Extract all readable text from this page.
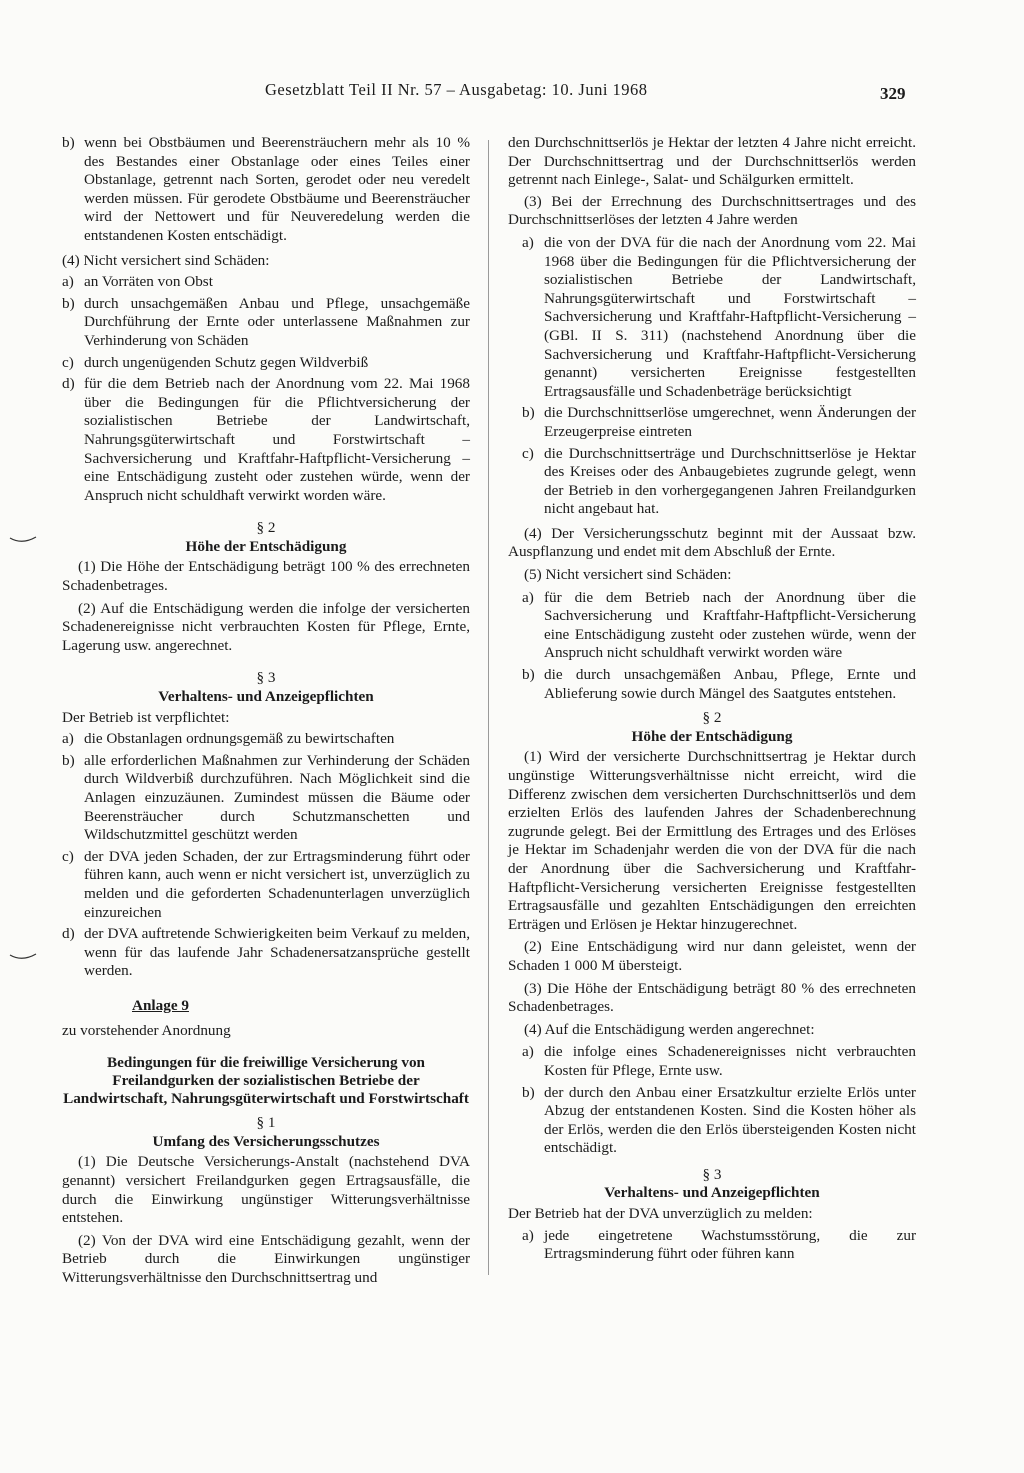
Gesetzblatt Teil II Nr. 57 – Ausgabetag: 10. Juni 1968	329
b) wenn bei Obstbäumen und Beerensträuchern mehr als 10 % des Bestandes einer Obstanlage oder eines Teiles einer Obstanlage, getrennt nach Sorten, gerodet oder neu veredelt werden müssen. Für gerodete Obstbäume und Beerensträucher wird der Nettowert und für Neuveredelung werden die entstandenen Kosten entschädigt.
(4) Nicht versichert sind Schäden:
a) an Vorräten von Obst
b) durch unsachgemäßen Anbau und Pflege, unsachgemäße Durchführung der Ernte oder unterlassene Maßnahmen zur Verhinderung von Schäden
c) durch ungenügenden Schutz gegen Wildverbiß
d) für die dem Betrieb nach der Anordnung vom 22. Mai 1968 über die Bedingungen für die Pflichtversicherung der sozialistischen Betriebe der Landwirtschaft, Nahrungsgüterwirtschaft und Forstwirtschaft – Sachversicherung und Kraftfahr-Haftpflicht-Versicherung – eine Entschädigung zusteht oder zustehen würde, wenn der Anspruch nicht schuldhaft verwirkt worden wäre.
§ 2
Höhe der Entschädigung
(1) Die Höhe der Entschädigung beträgt 100 % des errechneten Schadenbetrages.
(2) Auf die Entschädigung werden die infolge der versicherten Schadenereignisse nicht verbrauchten Kosten für Pflege, Ernte, Lagerung usw. angerechnet.
§ 3
Verhaltens- und Anzeigepflichten
Der Betrieb ist verpflichtet:
a) die Obstanlagen ordnungsgemäß zu bewirtschaften
b) alle erforderlichen Maßnahmen zur Verhinderung der Schäden durch Wildverbiß durchzuführen. Nach Möglichkeit sind die Anlagen einzuzäunen. Zumindest müssen die Bäume oder Beerensträucher durch Schutzmanschetten und Wildschutzmittel geschützt werden
c) der DVA jeden Schaden, der zur Ertragsminderung führt oder führen kann, auch wenn er nicht versichert ist, unverzüglich zu melden und die geforderten Schadenunterlagen unverzüglich einzureichen
d) der DVA auftretende Schwierigkeiten beim Verkauf zu melden, wenn für das laufende Jahr Schadenersatzansprüche gestellt werden.
Anlage 9
zu vorstehender Anordnung
Bedingungen für die freiwillige Versicherung von Freilandgurken der sozialistischen Betriebe der Landwirtschaft, Nahrungsgüterwirtschaft und Forstwirtschaft
§ 1
Umfang des Versicherungsschutzes
(1) Die Deutsche Versicherungs-Anstalt (nachstehend DVA genannt) versichert Freilandgurken gegen Ertragsausfälle, die durch die Einwirkung ungünstiger Witterungsverhältnisse entstehen.
(2) Von der DVA wird eine Entschädigung gezahlt, wenn der Betrieb durch die Einwirkungen ungünstiger Witterungsverhältnisse den Durchschnittsertrag und
den Durchschnittserlös je Hektar der letzten 4 Jahre nicht erreicht. Der Durchschnittsertrag und der Durchschnittserlös werden getrennt nach Einlege-, Salat- und Schälgurken ermittelt.
(3) Bei der Errechnung des Durchschnittsertrages und des Durchschnittserlöses der letzten 4 Jahre werden
a) die von der DVA für die nach der Anordnung vom 22. Mai 1968 über die Bedingungen für die Pflichtversicherung der sozialistischen Betriebe der Landwirtschaft, Nahrungsgüterwirtschaft und Forstwirtschaft – Sachversicherung und Kraftfahr-Haftpflicht-Versicherung – (GBl. II S. 311) (nachstehend Anordnung über die Sachversicherung und Kraftfahr-Haftpflicht-Versicherung genannt) versicherten Ereignisse festgestellten Ertragsausfälle und Schadenbeträge berücksichtigt
b) die Durchschnittserlöse umgerechnet, wenn Änderungen der Erzeugerpreise eintreten
c) die Durchschnittserträge und Durchschnittserlöse je Hektar des Kreises oder des Anbaugebietes zugrunde gelegt, wenn der Betrieb in den vorhergegangenen Jahren Freilandgurken nicht angebaut hat.
(4) Der Versicherungsschutz beginnt mit der Aussaat bzw. Auspflanzung und endet mit dem Abschluß der Ernte.
(5) Nicht versichert sind Schäden:
a) für die dem Betrieb nach der Anordnung über die Sachversicherung und Kraftfahr-Haftpflicht-Versicherung eine Entschädigung zusteht oder zustehen würde, wenn der Anspruch nicht schuldhaft verwirkt worden wäre
b) die durch unsachgemäßen Anbau, Pflege, Ernte und Ablieferung sowie durch Mängel des Saatgutes entstehen.
§ 2
Höhe der Entschädigung
(1) Wird der versicherte Durchschnittsertrag je Hektar durch ungünstige Witterungsverhältnisse nicht erreicht, wird die Differenz zwischen dem versicherten Durchschnittserlös und dem erzielten Erlös des laufenden Jahres der Schadenberechnung zugrunde gelegt. Bei der Ermittlung des Ertrages und des Erlöses je Hektar im Schadenjahr werden die von der DVA für die nach der Anordnung über die Sachversicherung und Kraftfahr-Haftpflicht-Versicherung versicherten Ereignisse festgestellten Ertragsausfälle und gezahlten Entschädigungen den erreichten Erträgen und Erlösen je Hektar hinzugerechnet.
(2) Eine Entschädigung wird nur dann geleistet, wenn der Schaden 1 000 M übersteigt.
(3) Die Höhe der Entschädigung beträgt 80 % des errechneten Schadenbetrages.
(4) Auf die Entschädigung werden angerechnet:
a) die infolge eines Schadenereignisses nicht verbrauchten Kosten für Pflege, Ernte usw.
b) der durch den Anbau einer Ersatzkultur erzielte Erlös unter Abzug der entstandenen Kosten. Sind die Kosten höher als der Erlös, werden die den Erlös übersteigenden Kosten nicht entschädigt.
§ 3
Verhaltens- und Anzeigepflichten
Der Betrieb hat der DVA unverzüglich zu melden:
a) jede eingetretene Wachstumsstörung, die zur Ertragsminderung führt oder führen kann
